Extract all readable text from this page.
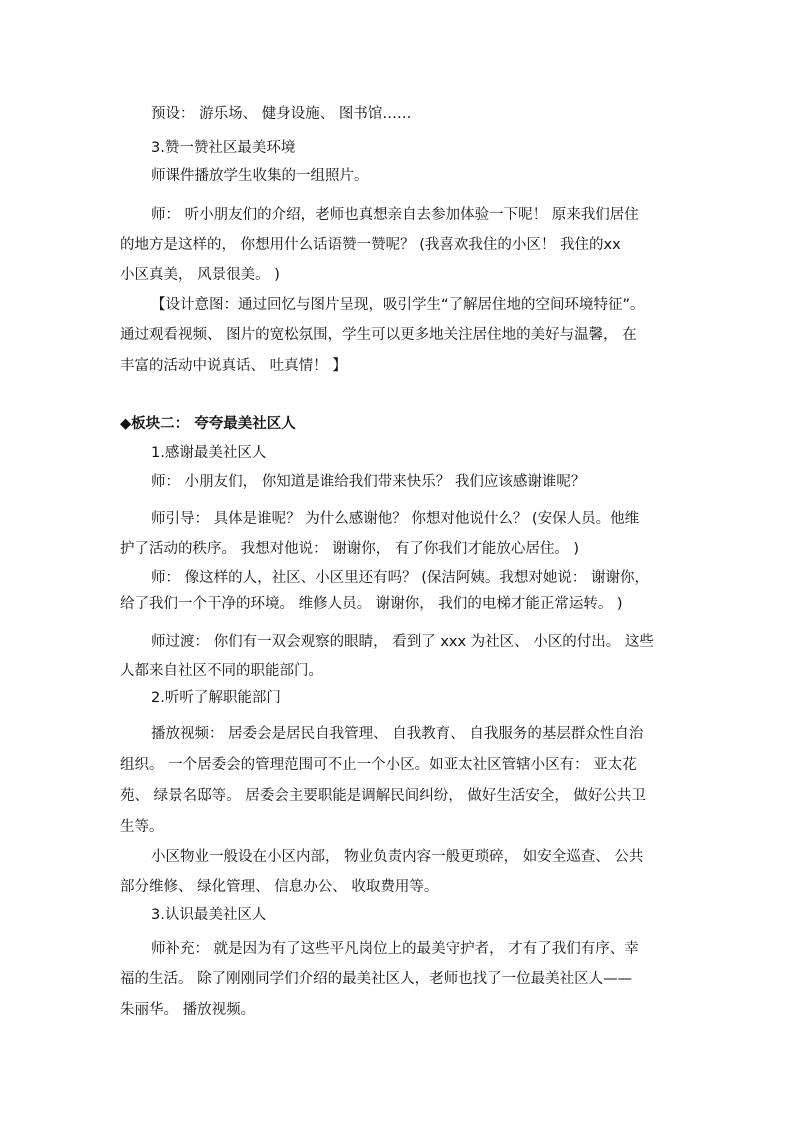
预设： 游乐场、 健身设施、 图书馆……
3.赞一赞社区最美环境
师课件播放学生收集的一组照片。
师： 听小朋友们的介绍，老师也真想亲自去参加体验一下呢！ 原来我们居住
的地方是这样的， 你想用什么话语赞一赞呢？ (我喜欢我住的小区！ 我住的xx
小区真美， 风景很美。 )
【设计意图：通过回忆与图片呈现，吸引学生“了解居住地的空间环境特征”。
通过观看视频、 图片的宽松氛围，学生可以更多地关注居住地的美好与温馨， 在
丰富的活动中说真话、 吐真情！ 】
◆板块二： 夸夸最美社区人
1.感谢最美社区人
师： 小朋友们， 你知道是谁给我们带来快乐？ 我们应该感谢谁呢？
师引导： 具体是谁呢？ 为什么感谢他？ 你想对他说什么？ (安保人员。他维
护了活动的秩序。 我想对他说： 谢谢你， 有了你我们才能放心居住。 )
师： 像这样的人，社区、小区里还有吗？ (保洁阿姨。我想对她说： 谢谢你，
给了我们一个干净的环境。 维修人员。 谢谢你， 我们的电梯才能正常运转。 )
师过渡： 你们有一双会观察的眼睛， 看到了 xxx 为社区、 小区的付出。 这些
人都来自社区不同的职能部门。
2.听听了解职能部门
播放视频： 居委会是居民自我管理、 自我教育、 自我服务的基层群众性自治
组织。 一个居委会的管理范围可不止一个小区。如亚太社区管辖小区有： 亚太花
苑、 绿景名邸等。 居委会主要职能是调解民间纠纷， 做好生活安全， 做好公共卫
生等。
小区物业一般设在小区内部， 物业负责内容一般更琐碎， 如安全巡查、 公共
部分维修、 绿化管理、 信息办公、 收取费用等。
3.认识最美社区人
师补充： 就是因为有了这些平凡岗位上的最美守护者， 才有了我们有序、幸
福的生活。 除了刚刚同学们介绍的最美社区人，老师也找了一位最美社区人——
朱丽华。 播放视频。
